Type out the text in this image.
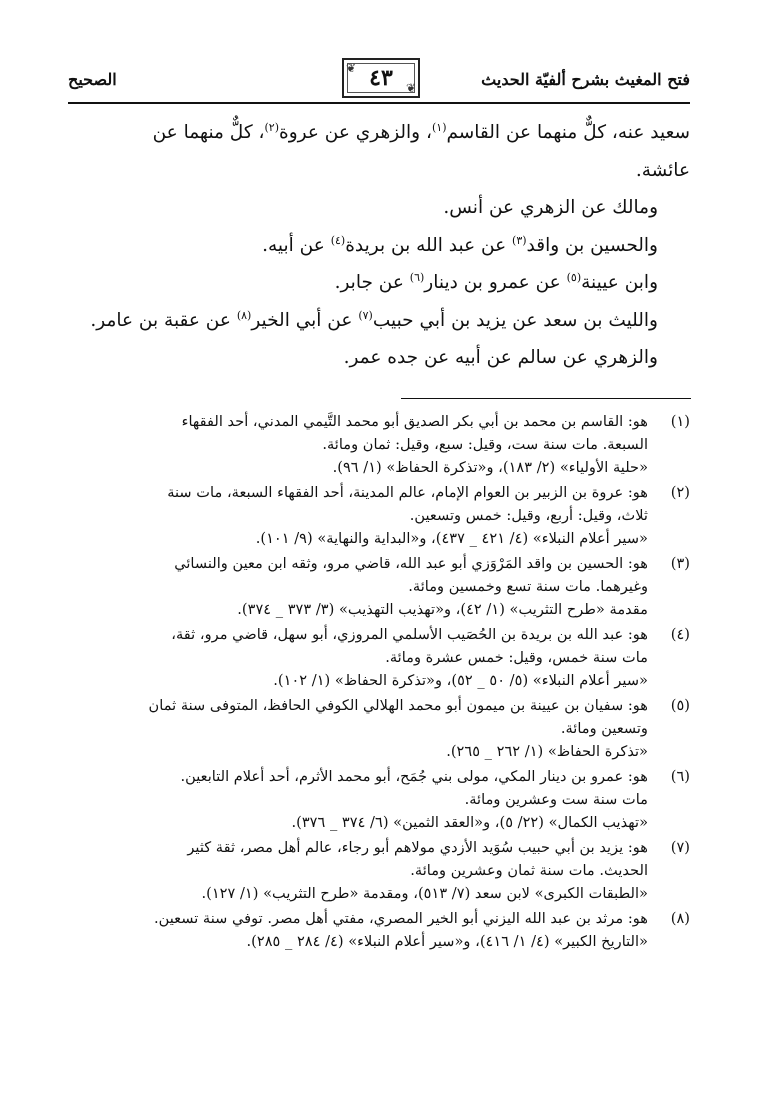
فتح المغيث بشرح ألفيّة الحديث
❦ ٤٣	❦
الصحيح

سعيد عنه، كلٌّ منهما عن القاسم$^{(١)}$، والزهري عن عروة$^{(٢)}$، كلٌّ منهما عن

عائشة.

ومالك عن الزهري عن أنس.

والحسين بن واقد$^{(٣)}$ عن عبد الله بن بريدة$^{(٤)}$ عن أبيه.

وابن عيينة$^{(٥)}$ عن عمرو بن دينار$^{(٦)}$ عن جابر.

والليث بن سعد عن يزيد بن أبي حبيب$^{(٧)}$ عن أبي الخير$^{(٨)}$ عن عقبة بن عامر.

والزهري عن سالم عن أبيه عن جده عمر.

(١)
هو: القاسم بن محمد بن أبي بكر الصديق أبو محمد التَّيمي المدني، أحد الفقهاء
السبعة. مات سنة ست، وقيل: سبع، وقيل: ثمان ومائة.
«حلية الأولياء» (٢/ ١٨٣)، و«تذكرة الحفاظ» (١/ ٩٦).
(٢)
هو: عروة بن الزبير بن العوام الإمام، عالم المدينة، أحد الفقهاء السبعة، مات سنة
ثلاث، وقيل: أربع، وقيل: خمس وتسعين.
«سير أعلام النبلاء» (٤/ ٤٢١ _ ٤٣٧)، و«البداية والنهاية» (٩/ ١٠١).
(٣)
هو: الحسين بن واقد المَرْوَزي أبو عبد الله، قاضي مرو، وثقه ابن معين والنسائي
وغيرهما. مات سنة تسع وخمسين ومائة.
مقدمة «طرح التثريب» (١/ ٤٢)، و«تهذيب التهذيب» (٣/ ٣٧٣ _ ٣٧٤).
(٤)
هو: عبد الله بن بريدة بن الحُصَيب الأسلمي المروزي، أبو سهل، قاضي مرو، ثقة،
مات سنة خمس، وقيل: خمس عشرة ومائة.
«سير أعلام النبلاء» (٥/ ٥٠ _ ٥٢)، و«تذكرة الحفاظ» (١/ ١٠٢).
(٥)
هو: سفيان بن عيينة بن ميمون أبو محمد الهلالي الكوفي الحافظ، المتوفى سنة ثمان
وتسعين ومائة.
«تذكرة الحفاظ» (١/ ٢٦٢ _ ٢٦٥).
(٦)
هو: عمرو بن دينار المكي، مولى بني جُمَح، أبو محمد الأثرم، أحد أعلام التابعين.
مات سنة ست وعشرين ومائة.
«تهذيب الكمال» (٢٢/ ٥)، و«العقد الثمين» (٦/ ٣٧٤ _ ٣٧٦).
(٧)
هو: يزيد بن أبي حبيب سُوَيد الأزدي مولاهم أبو رجاء، عالم أهل مصر، ثقة كثير
الحديث. مات سنة ثمان وعشرين ومائة.
«الطبقات الكبرى» لابن سعد (٧/ ٥١٣)، ومقدمة «طرح التثريب» (١/ ١٢٧).
(٨)
هو: مرثد بن عبد الله اليزني أبو الخير المصري، مفتي أهل مصر. توفي سنة تسعين.
«التاريخ الكبير» (٤/ ١/ ٤١٦)، و«سير أعلام النبلاء» (٤/ ٢٨٤ _ ٢٨٥).
